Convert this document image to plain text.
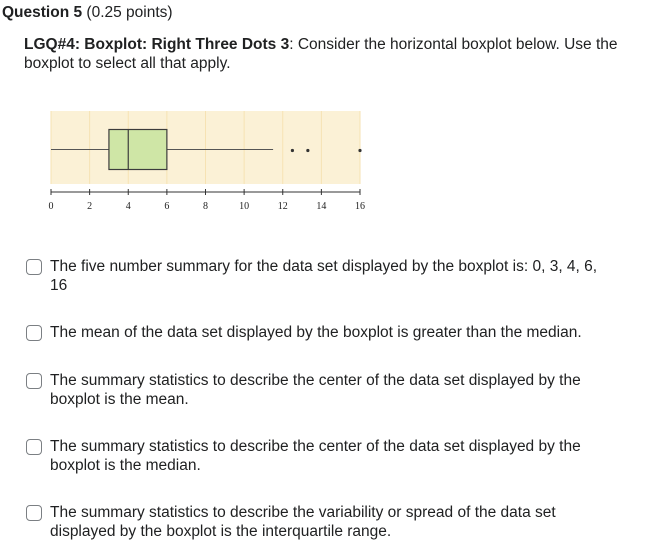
Question 5 (0.25 points)
LGQ#4: Boxplot: Right Three Dots 3: Consider the horizontal boxplot below. Use the boxplot to select all that apply.
0	2	4	6	8	10	12	14	16
The five number summary for the data set displayed by the boxplot is: 0, 3, 4, 6, 16
The mean of the data set displayed by the boxplot is greater than the median.
The summary statistics to describe the center of the data set displayed by the boxplot is the mean.
The summary statistics to describe the center of the data set displayed by the boxplot is the median.
The summary statistics to describe the variability or spread of the data set displayed by the boxplot is the interquartile range.
